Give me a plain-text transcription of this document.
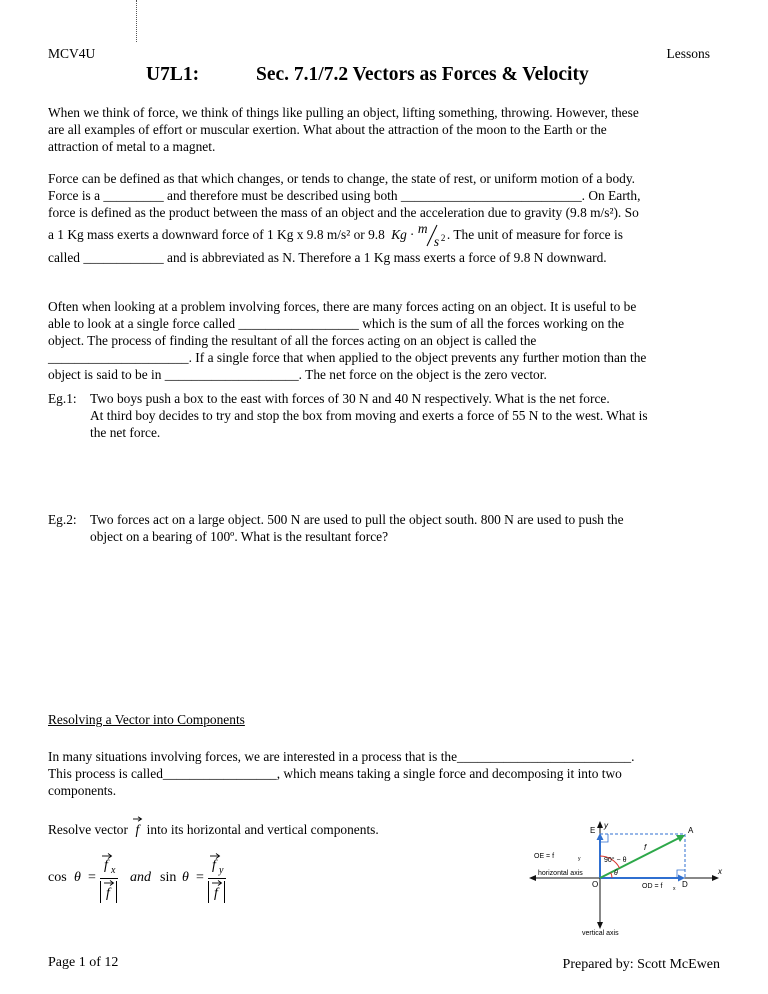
MCV4U	Lessons
U7L1:	Sec. 7.1/7.2 Vectors as Forces & Velocity
When we think of force, we think of things like pulling an object, lifting something, throwing. However, these
are all examples of effort or muscular exertion. What about the attraction of the moon to the Earth or the
attraction of metal to a magnet.
Force can be defined as that which changes, or tends to change, the state of rest, or uniform motion of a body.
Force is a _________ and therefore must be described using both ___________________________. On Earth,
force is defined as the product between the mass of an object and the acceleration due to gravity (9.8 m/s²). So
a 1 Kg mass exerts a downward force of 1 Kg x 9.8 m/s² or 9.8 Kg · m
s 2 . The unit of measure for force is
called ____________ and is abbreviated as N. Therefore a 1 Kg mass exerts a force of 9.8 N downward.
Often when looking at a problem involving forces, there are many forces acting on an object. It is useful to be
able to look at a single force called __________________ which is the sum of all the forces working on the
object. The process of finding the resultant of all the forces acting on an object is called the
_____________________. If a single force that when applied to the object prevents any further motion than the
object is said to be in ____________________. The net force on the object is the zero vector.
Eg.1: Two boys push a box to the east with forces of 30 N and 40 N respectively. What is the net force.
At third boy decides to try and stop the box from moving and exerts a force of 55 N to the west. What is
the net force.
Eg.2: Two forces act on a large object. 500 N are used to pull the object south. 800 N are used to push the
object on a bearing of 100º. What is the resultant force?
Resolving a Vector into Components
In many situations involving forces, we are interested in a process that is the__________________________.
This process is called_________________, which means taking a single force and decomposing it into two
components.
Resolve vector f into its horizontal and vertical components.
cos θ =
f x
f
and sin θ =
f y
f
y
x
E	A
O	D
f
OE = f	y
OD = f x
90° − θ
θ
horizontal axis
vertical axis
Page 1 of 12	Prepared by: Scott McEwen
